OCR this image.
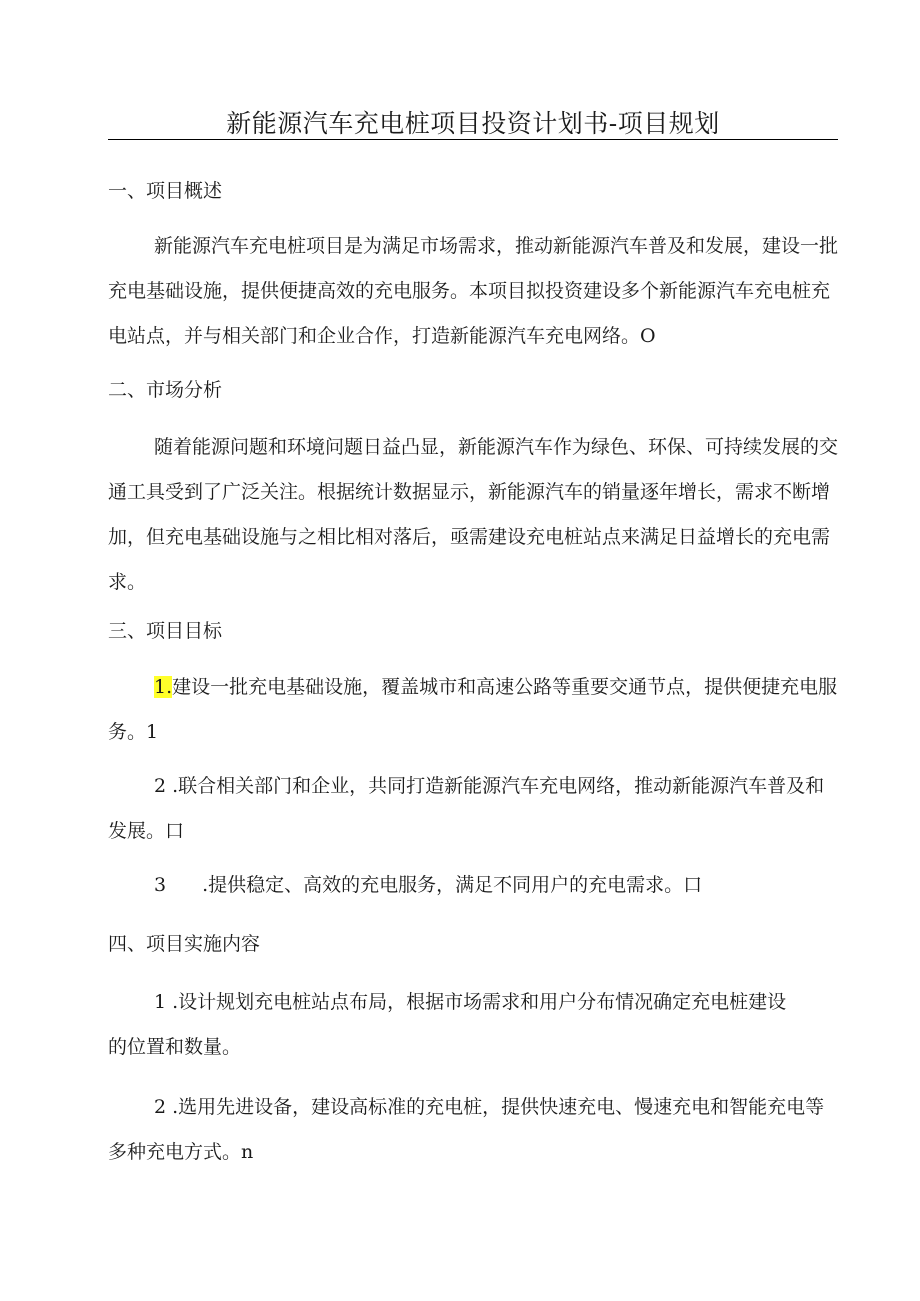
新能源汽车充电桩项目投资计划书-项目规划
一、项目概述
新能源汽车充电桩项目是为满足市场需求，推动新能源汽车普及和发展，建设一批充电基础设施，提供便捷高效的充电服务。本项目拟投资建设多个新能源汽车充电桩充电站点，并与相关部门和企业合作，打造新能源汽车充电网络。O
二、市场分析
随着能源问题和环境问题日益凸显，新能源汽车作为绿色、环保、可持续发展的交通工具受到了广泛关注。根据统计数据显示，新能源汽车的销量逐年增长，需求不断增加，但充电基础设施与之相比相对落后，亟需建设充电桩站点来满足日益增长的充电需求。
三、项目目标
1.建设一批充电基础设施，覆盖城市和高速公路等重要交通节点，提供便捷充电服务。1
2 .联合相关部门和企业，共同打造新能源汽车充电网络，推动新能源汽车普及和发展。口
3 .提供稳定、高效的充电服务，满足不同用户的充电需求。口
四、项目实施内容
1 .设计规划充电桩站点布局，根据市场需求和用户分布情况确定充电桩建设的位置和数量。
2 .选用先进设备，建设高标准的充电桩，提供快速充电、慢速充电和智能充电等多种充电方式。n
